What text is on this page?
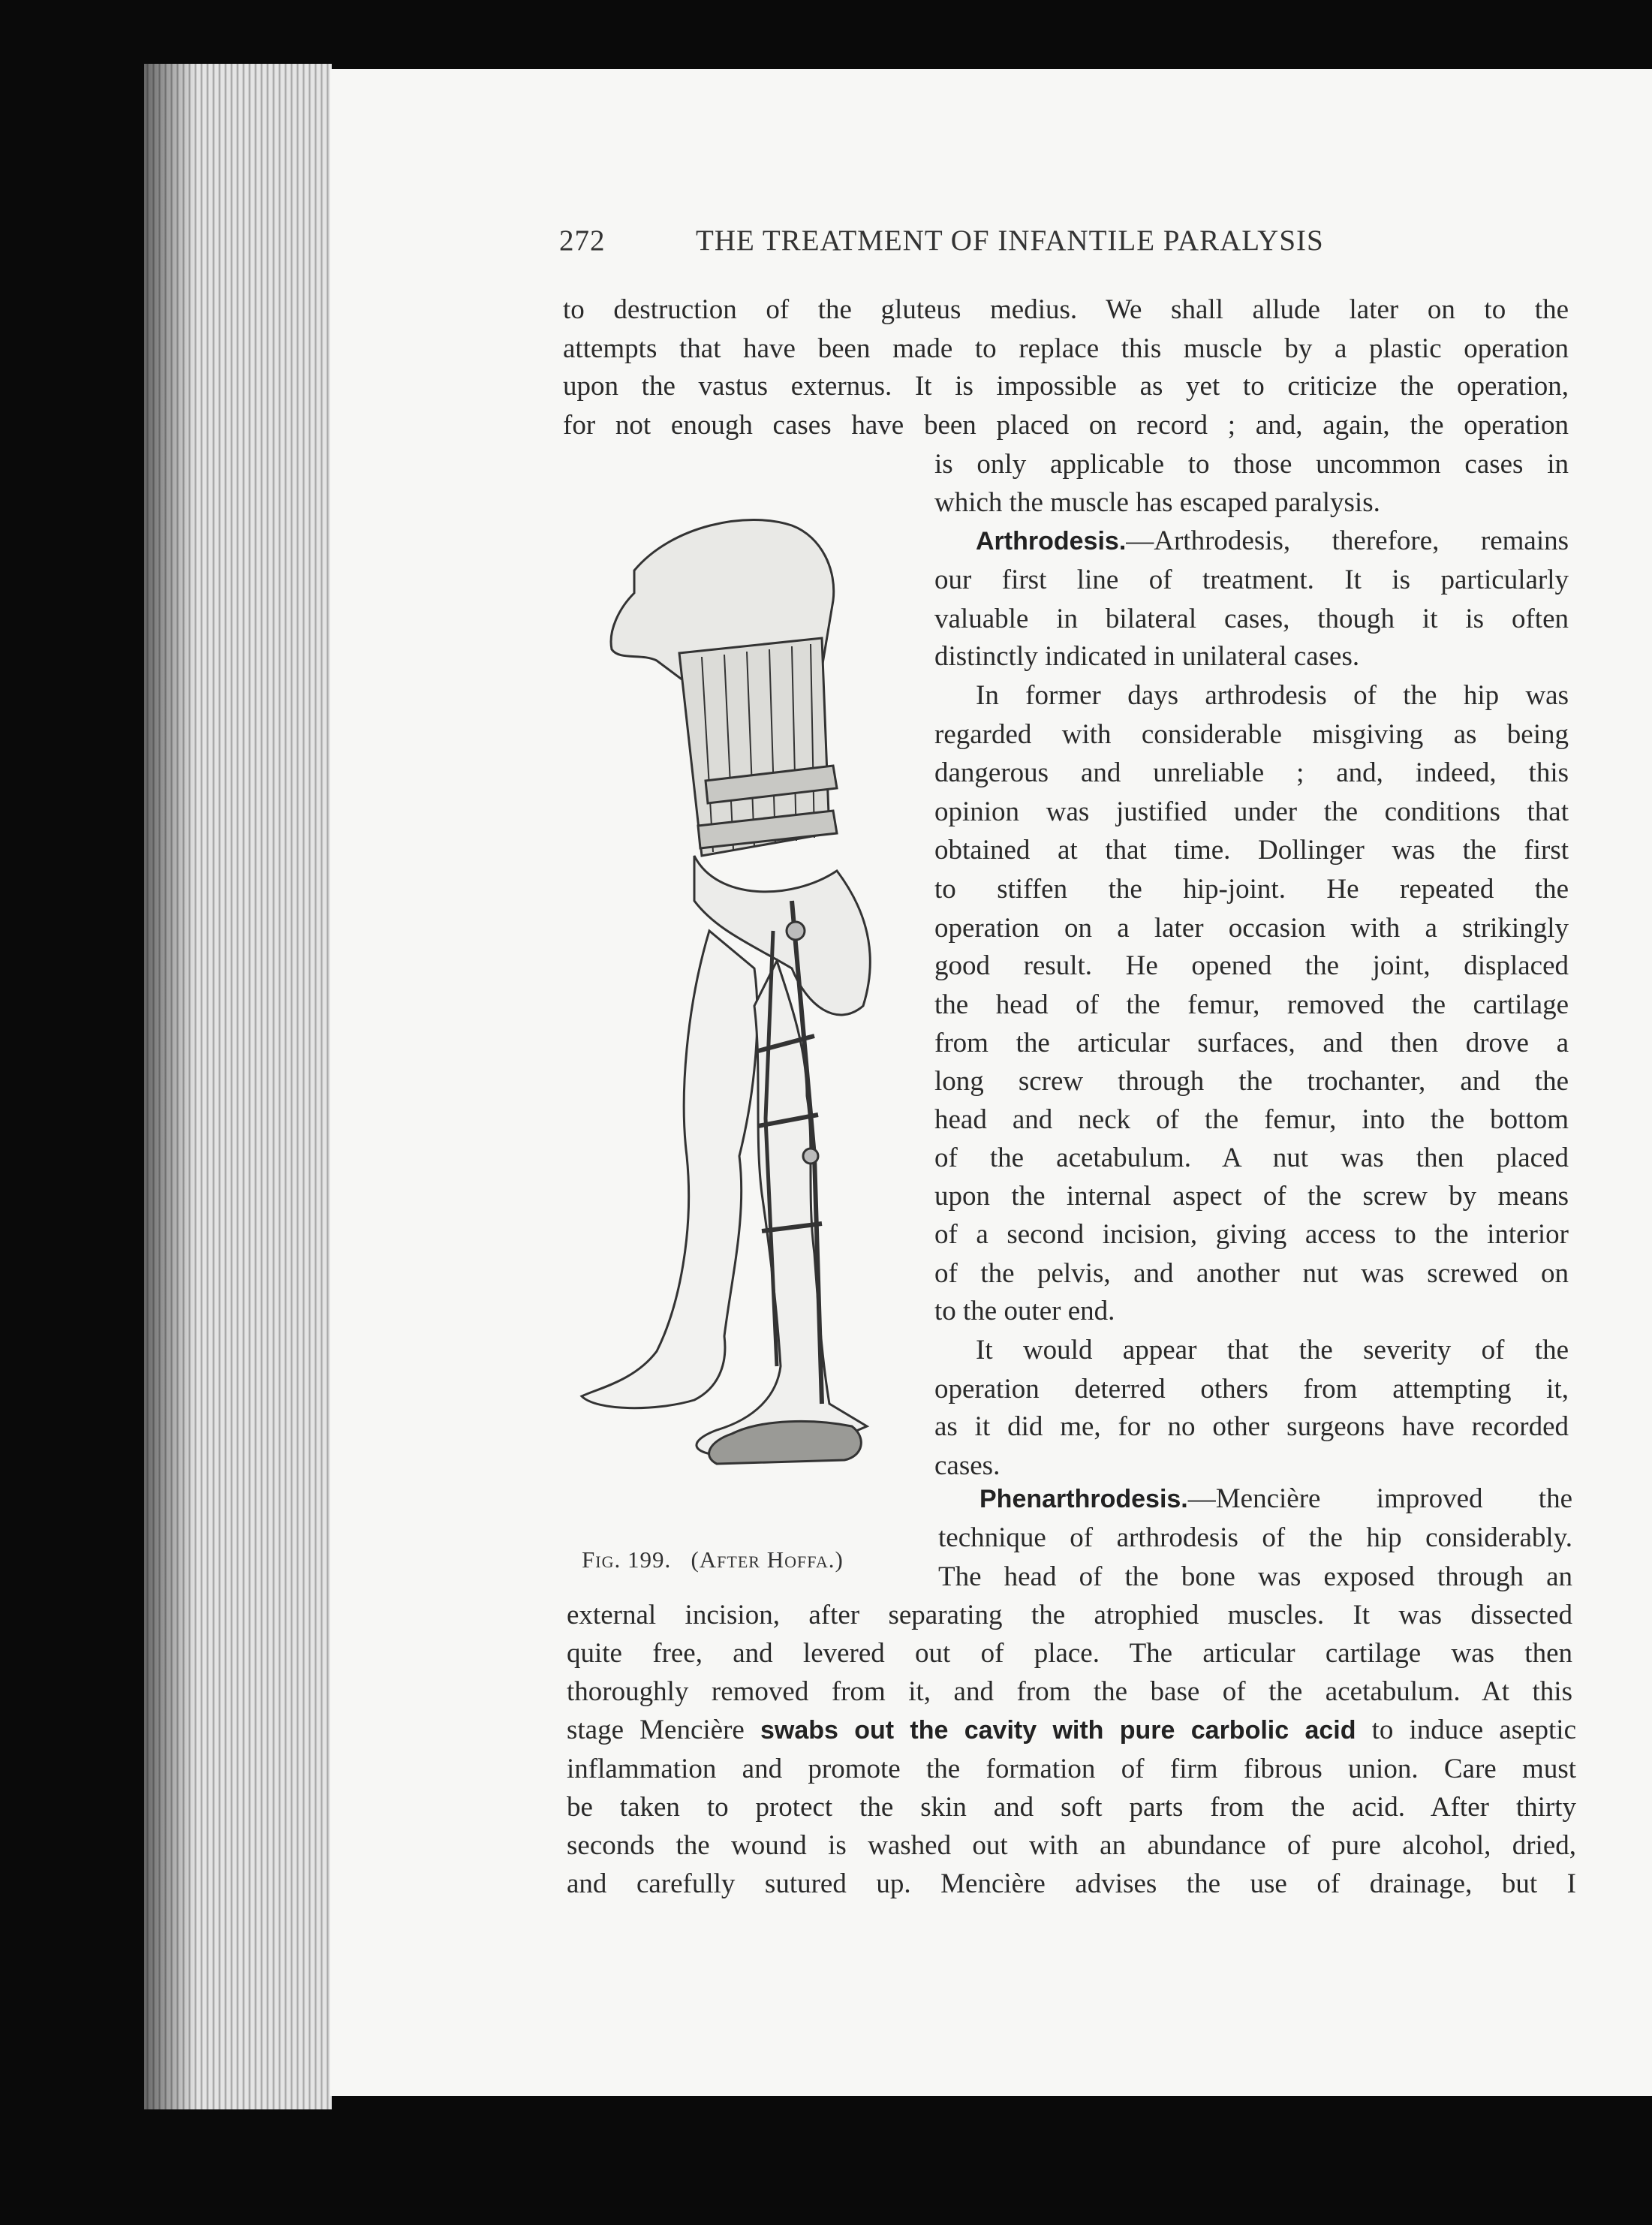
272	THE TREATMENT OF INFANTILE PARALYSIS
to destruction of the gluteus medius. We shall allude later on to the
attempts that have been made to replace this muscle by a plastic operation
upon the vastus externus. It is impossible as yet to criticize the operation,
for not enough cases have been placed on record ; and, again, the operation
is only applicable to those uncommon cases in
which the muscle has escaped paralysis.
Arthrodesis.—Arthrodesis, therefore, remains
our first line of treatment. It is particularly
valuable in bilateral cases, though it is often
distinctly indicated in unilateral cases.
In former days arthrodesis of the hip was
regarded with considerable misgiving as being
dangerous and unreliable ; and, indeed, this
opinion was justified under the conditions that
obtained at that time. Dollinger was the first
to stiffen the hip-joint. He repeated the
operation on a later occasion with a strikingly
good result. He opened the joint, displaced
the head of the femur, removed the cartilage
from the articular surfaces, and then drove a
long screw through the trochanter, and the
head and neck of the femur, into the bottom
of the acetabulum. A nut was then placed
upon the internal aspect of the screw by means
of a second incision, giving access to the interior
of the pelvis, and another nut was screwed on
to the outer end.
It would appear that the severity of the
operation deterred others from attempting it,
as it did me, for no other surgeons have recorded
cases.
Phenarthrodesis.—Mencière improved the
technique of arthrodesis of the hip considerably.
The head of the bone was exposed through an
external incision, after separating the atrophied muscles. It was dissected
quite free, and levered out of place. The articular cartilage was then
thoroughly removed from it, and from the base of the acetabulum. At this
stage Mencière swabs out the cavity with pure carbolic acid to induce aseptic
inflammation and promote the formation of firm fibrous union. Care must
be taken to protect the skin and soft parts from the acid. After thirty
seconds the wound is washed out with an abundance of pure alcohol, dried,
and carefully sutured up. Mencière advises the use of drainage, but I
Fig. 199. (After Hoffa.)
